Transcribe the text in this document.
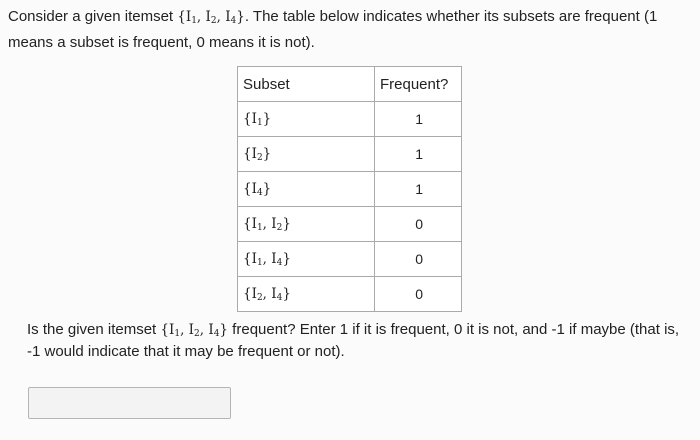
Consider a given itemset {$I_1$, $I_2$, $I_4$}. The table below indicates whether its subsets are frequent (1 means a subset is frequent, 0 means it is not).

Subset	Frequent?
$\{I_1\}$	1
$\{I_2\}$	1
$\{I_4\}$	1
{$I_1$, $I_2$}	0
{$I_1$, $I_4$}	0
{$I_2$, $I_4$}	0

Is the given itemset {$I_1$, $I_2$, $I_4$} frequent? Enter 1 if it is frequent, 0 it is not, and -1 if maybe (that is, -1 would indicate that it may be frequent or not).
